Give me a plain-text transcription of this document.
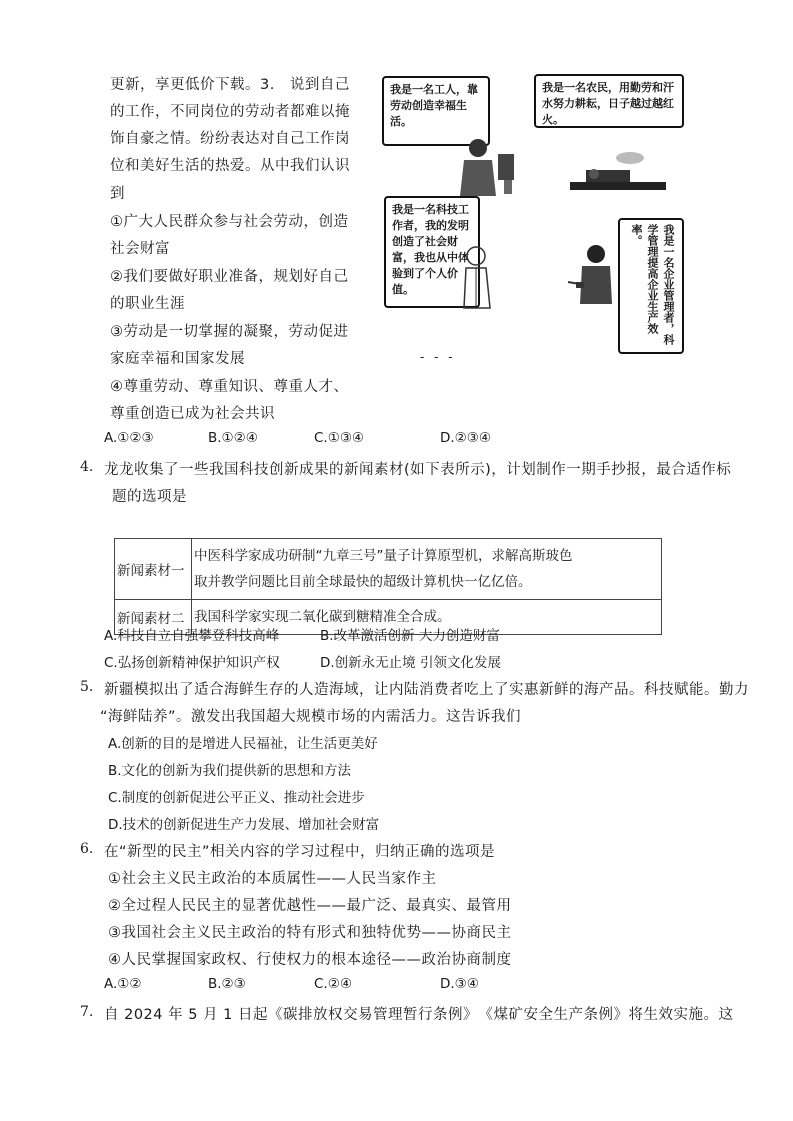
更新，享更低价下载。3.　说到自己
的工作，不同岗位的劳动者都难以掩
饰自豪之情。纷纷表达对自己工作岗
位和美好生活的热爱。从中我们认识
到
①广大人民群众参与社会劳动，创造
社会财富
②我们要做好职业准备，规划好自己
的职业生涯
③劳动是一切掌握的凝聚，劳动促进
家庭幸福和国家发展
④尊重劳动、尊重知识、尊重人才、
尊重创造已成为社会共识
A.①②③	B.①②④	C.①③④	D.②③④
我是一名工人，靠劳动创造幸福生活。
我是一名农民，用勤劳和汗水努力耕耘，日子越过越红火。
我是一名科技工作者，我的发明创造了社会财富，我也从中体验到了个人价值。	我是一名企业管理者，科学管理提高企业生产效率。
- - -
4. 龙龙收集了一些我国科技创新成果的新闻素材(如下表所示)，计划制作一期手抄报，最合适作标
题的选项是
新闻素材一	中医科学家成功研制“九章三号”量子计算原型机，求解高斯玻色
取并教学问题比目前全球最快的超级计算机快一亿亿倍。

新闻素材二	我国科学家实现二氧化碳到糖精准全合成。
A.科技自立自强攀登科技高峰	B.改革激活创新 大力创造财富
C.弘扬创新精神保护知识产权	D.创新永无止境 引领文化发展
5. 新疆模拟出了适合海鲜生存的人造海域，让内陆消费者吃上了实惠新鲜的海产品。科技赋能。勤力
“海鲜陆养”。激发出我国超大规模市场的内需活力。这告诉我们
A.创新的目的是增进人民福祉，让生活更美好
B.文化的创新为我们提供新的思想和方法
C.制度的创新促进公平正义、推动社会进步
D.技术的创新促进生产力发展、增加社会财富
6. 在“新型的民主”相关内容的学习过程中，归纳正确的选项是
①社会主义民主政治的本质属性——人民当家作主
②全过程人民民主的显著优越性——最广泛、最真实、最管用
③我国社会主义民主政治的特有形式和独特优势——协商民主
④人民掌握国家政权、行使权力的根本途径——政治协商制度
A.①②	B.②③	C.②④	D.③④
7. 自 2024 年 5 月 1 日起《碳排放权交易管理暂行条例》　《煤矿安全生产条例》将生效实施。这
